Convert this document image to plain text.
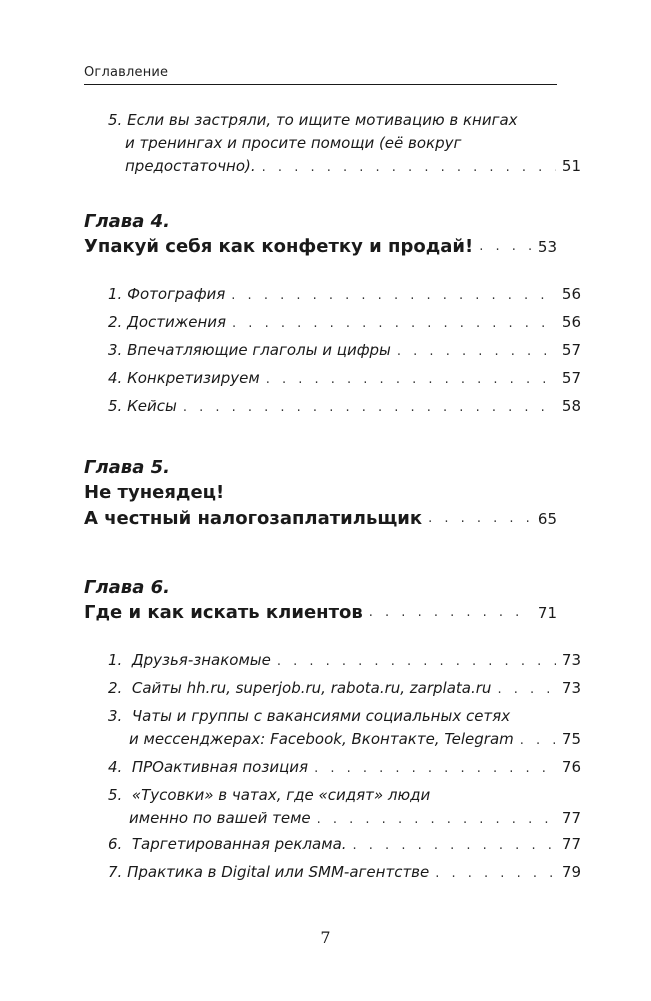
Оглавление
5. Если вы застряли, то ищите мотивацию в книгах
и тренингах и просите помощи (её вокруг
предостаточно). . . .	51
Глава 4.
Упакуй себя как конфетку и продай! . . .	53
1. Фотография . . .	56
2. Достижения . . .	56
3. Впечатляющие глаголы и цифры . . .	57
4. Конкретизируем . . .	57
5. Кейсы . . .	58
Глава 5.
Не тунеядец!
А честный налогозаплатильщик . . .	65
Глава 6.
Где и как искать клиентов . . .	71
1. Друзья-знакомые . . .	73
2. Сайты hh.ru, superjob.ru, rabota.ru, zarplata.ru . . .	73
3. Чаты и группы с вакансиями социальных сетях
и мессенджерах: Facebook, Вконтакте, Telegram . . .	75
4. ПРОактивная позиция . . .	76
5. «Тусовки» в чатах, где «сидят» люди
именно по вашей теме . . .	77
6. Таргетированная реклама. . . .	77
7. Практика в Digital или SMM-агентстве . . .	79
7
